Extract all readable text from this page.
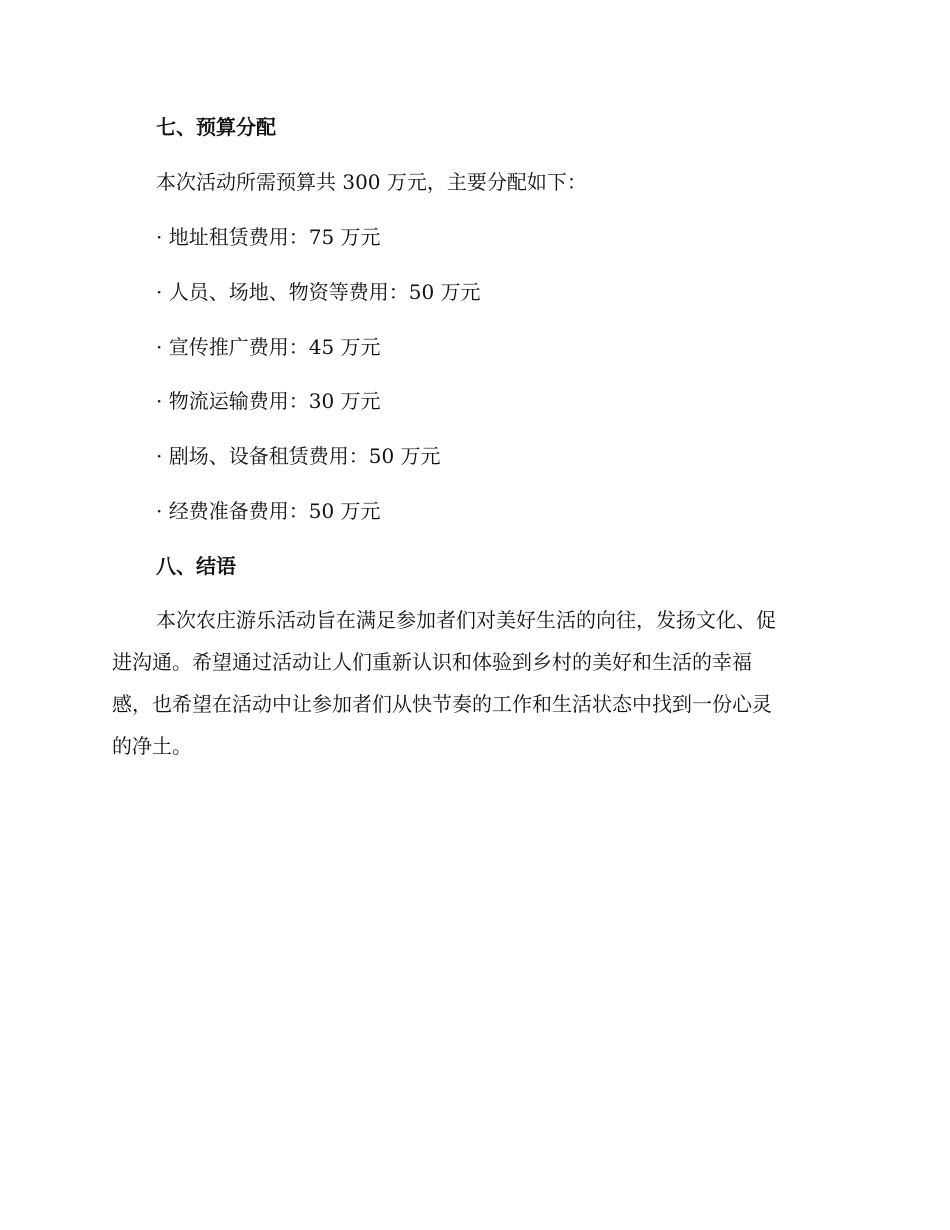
七、预算分配
本次活动所需预算共 300 万元，主要分配如下：
· 地址租赁费用：75 万元
· 人员、场地、物资等费用：50 万元
· 宣传推广费用：45 万元
· 物流运输费用：30 万元
· 剧场、设备租赁费用：50 万元
· 经费准备费用：50 万元
八、结语
本次农庄游乐活动旨在满足参加者们对美好生活的向往，发扬文化、促
进沟通。希望通过活动让人们重新认识和体验到乡村的美好和生活的幸福
感，也希望在活动中让参加者们从快节奏的工作和生活状态中找到一份心灵
的净土。
